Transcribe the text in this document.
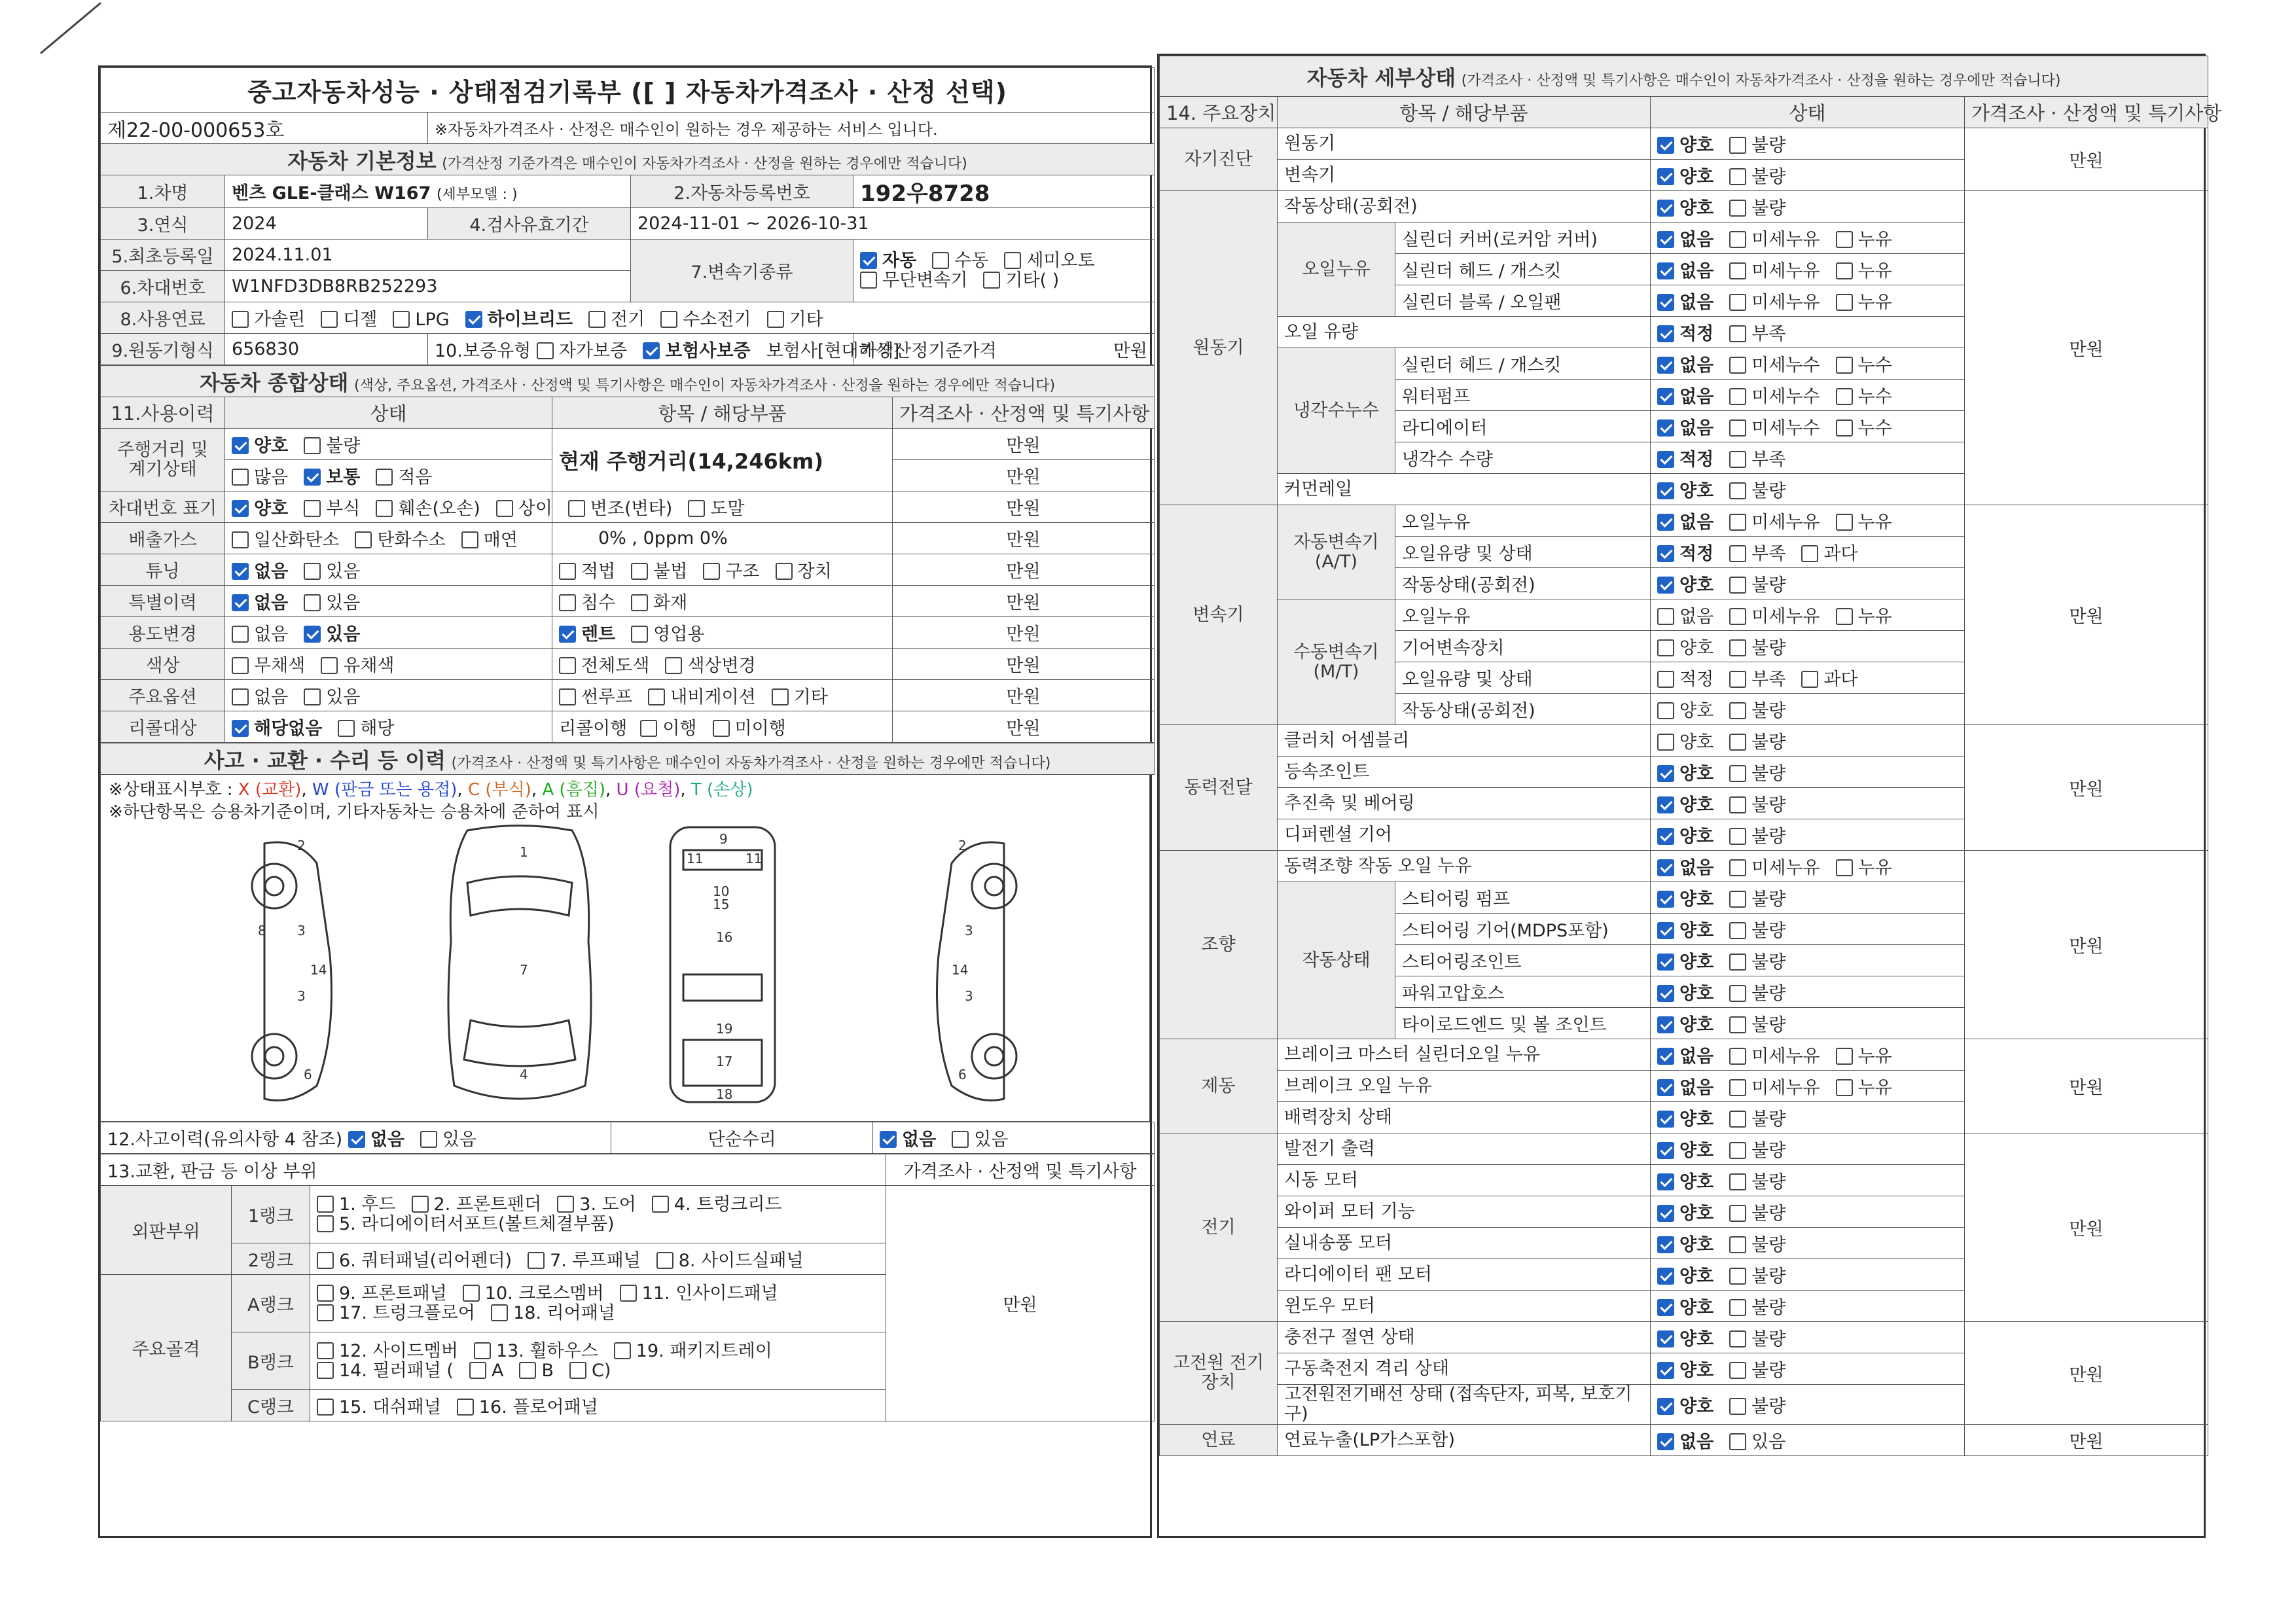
중고자동차성능 · 상태점검기록부 ([ ] 자동차가격조사 · 산정 선택)				
제22-00-000653호		※자동차가격조사 · 산정은 매수인이 원하는 경우 제공하는 서비스 입니다.		
자동차 기본정보 (가격산정 기준가격은 매수인이 자동차가격조사 · 산정을 원하는 경우에만 적습니다)				
1.차명	벤츠 GLE-클래스 W167 (세부모델 : )		2.자동차등록번호	192우8728
3.연식	2024	4.검사유효기간	2024-11-01 ~ 2026-10-31	
5.최초등록일	2024.11.01		7.변속기종류	자동 수동 세미오토무단변속기 기타( )
6.차대번호	W1NFD3DB8RB252293			
8.사용연료	가솔린 디젤 LPG 하이브리드 전기 수소전기 기타			
9.원동기형식	656830	10.보증유형 자가보증 보험사보증 보험사[현대해상]		가격산정기준가격 만원
자동차 종합상태 (색상, 주요옵션, 가격조사 · 산정액 및 특기사항은 매수인이 자동차가격조사 · 산정을 원하는 경우에만 적습니다)			
11.사용이력	상태	항목 / 해당부품	가격조사 · 산정액 및 특기사항
주행거리 및 계기상태	양호 불량	현재 주행거리(14,246km)	만원
	많음 보통 적음		만원
차대번호 표기	양호 부식 훼손(오손) 상이 변조(변타) 도말		만원
배출가스	일산화탄소 탄화수소 매연	0% , 0ppm 0%	만원
튜닝	없음 있음	적법 불법 구조 장치	만원
특별이력	없음 있음	침수 화재	만원
용도변경	없음 있음	렌트 영업용	만원
색상	무채색 유채색	전체도색 색상변경	만원
주요옵션	없음 있음	썬루프 내비게이션 기타	만원
리콜대상	해당없음 해당	리콜이행 이행 미이행	만원
사고 · 교환 · 수리 등 이력 (가격조사 · 산정액 및 특기사항은 매수인이 자동차가격조사 · 산정을 원하는 경우에만 적습니다)
※상태표시부호 : X (교환), W (판금 또는 용접), C (부식), A (흠집), U (요철), T (손상)
※하단항목은 승용차기준이며, 기타자동차는 승용차에 준하여 표시
2
3
3
8
14
6
1
7
4
9
11	11
10
15
16
19
17
18
2
3
3
14
6
12.사고이력(유의사항 4 참조) 없음 있음	단순수리	없음 있음
13.교환, 판금 등 이상 부위			가격조사 · 산정액 및 특기사항
외판부위	1랭크	1. 후드 2. 프론트펜더 3. 도어 4. 트렁크리드
5. 라디에이터서포트(볼트체결부품)	만원
	2랭크	6. 쿼터패널(리어펜더) 7. 루프패널 8. 사이드실패널	
주요골격	A랭크	9. 프론트패널 10. 크로스멤버 11. 인사이드패널
17. 트렁크플로어 18. 리어패널	

	B랭크	12. 사이드멤버 13. 휠하우스 19. 패키지트레이
14. 필러패널 ( A B C)	

	C랭크	15. 대쉬패널 16. 플로어패널	
자동차 세부상태 (가격조사 · 산정액 및 특기사항은 매수인이 자동차가격조사 · 산정을 원하는 경우에만 적습니다)				
14. 주요장치	항목 / 해당부품		상태	가격조사 · 산정액 및 특기사항
자기진단	원동기		양호 불량	만원
	변속기		양호 불량	
원동기	작동상태(공회전)		양호 불량	만원
	오일누유	실린더 커버(로커암 커버)	없음 미세누유 누유	
		실린더 헤드 / 개스킷	없음 미세누유 누유	
		실린더 블록 / 오일팬	없음 미세누유 누유	
	오일 유량		적정 부족	
	냉각수누수	실린더 헤드 / 개스킷	없음 미세누수 누수	
		워터펌프	없음 미세누수 누수	
		라디에이터	없음 미세누수 누수	
		냉각수 수량	적정 부족	
	커먼레일		양호 불량	
변속기	자동변속기 (A/T)	오일누유	없음 미세누유 누유	만원
		오일유량 및 상태	적정 부족 과다	
		작동상태(공회전)	양호 불량	
	수동변속기 (M/T)	오일누유	없음 미세누유 누유	
		기어변속장치	양호 불량	
		오일유량 및 상태	적정 부족 과다	
		작동상태(공회전)	양호 불량	
동력전달	클러치 어셈블리		양호 불량	만원
	등속조인트		양호 불량	
	추진축 및 베어링		양호 불량	
	디퍼렌셜 기어		양호 불량	
조향	동력조향 작동 오일 누유		없음 미세누유 누유	만원
	작동상태	스티어링 펌프	양호 불량	
		스티어링 기어(MDPS포함)	양호 불량	
		스티어링조인트	양호 불량	
		파워고압호스	양호 불량	
		타이로드엔드 및 볼 조인트	양호 불량	
제동	브레이크 마스터 실린더오일 누유		없음 미세누유 누유	만원
	브레이크 오일 누유		없음 미세누유 누유	
	배력장치 상태		양호 불량	
전기	발전기 출력		양호 불량	만원
	시동 모터		양호 불량	
	와이퍼 모터 기능		양호 불량	
	실내송풍 모터		양호 불량	
	라디에이터 팬 모터		양호 불량	
	윈도우 모터		양호 불량	
고전원 전기장치	충전구 절연 상태		양호 불량	만원
	구동축전지 격리 상태		양호 불량	
	고전원전기배선 상태 (접속단자, 피복, 보호기구)		양호 불량	
연료	연료누출(LP가스포함)		없음 있음	만원
